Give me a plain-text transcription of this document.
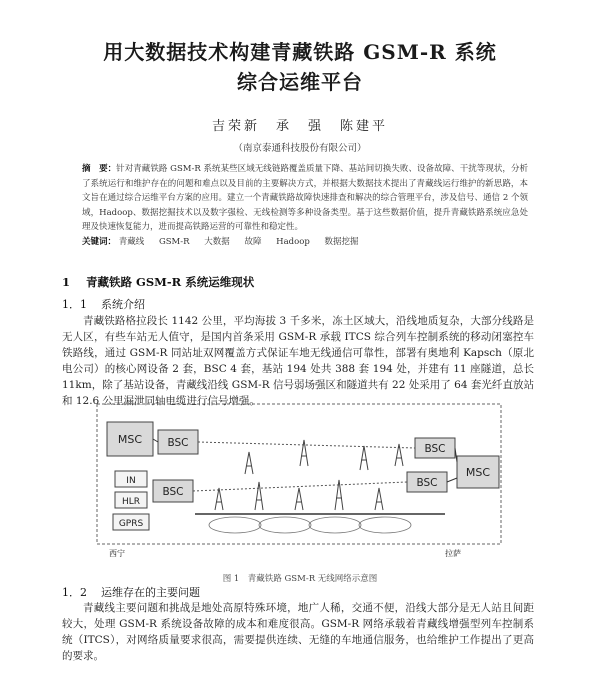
用大数据技术构建青藏铁路 GSM-R 系统
综合运维平台
吉荣新　承　强　陈建平
（南京泰通科技股份有限公司）
摘　要：针对青藏铁路 GSM-R 系统某些区域无线链路覆盖质量下降、基站间切换失败、设备故障、干扰等现状，分析了系统运行和维护存在的问题和难点以及目前的主要解决方式，并根据大数据技术提出了青藏线运行维护的新思路，本文旨在通过综合运维平台方案的应用。建立一个青藏铁路故障快速排查和解决的综合管理平台，涉及信号、通信 2 个领域，Hadoop、数据挖掘技术以及数字强检、无线检测等多种设备类型。基于这些数据价值，提升青藏铁路系统应急处理及快速恢复能力，进而提高铁路运营的可靠性和稳定性。
关键词： 青藏线 GSM-R 大数据 故障 Hadoop 数据挖掘
1 青藏铁路 GSM-R 系统运维现状
1．1 系统介绍
青藏铁路格拉段长 1142 公里，平均海拔 3 千多米，冻土区域大，沿线地质复杂，大部分线路是无人区，有些车站无人值守，是国内首条采用 GSM-R 承载 ITCS 综合列车控制系统的移动闭塞控车铁路线，通过 GSM-R 同站址双网覆盖方式保证车地无线通信可靠性，部署有奥地利 Kapsch（原北电公司）的核心网设备 2 套，BSC 4 套，基站 194 处共 388 套 194 处，并建有 11 座隧道，总长 11km，除了基站设备，青藏线沿线 GSM-R 信号弱场强区和隧道共有 22 处采用了 64 套光纤直放站和 12.6 公里漏泄同轴电缆进行信号增强。
MSC BSC
IN
HLR
GPRS
BSC
BSC
BSC
MSC
西宁	拉萨
图 1　青藏铁路 GSM-R 无线网络示意图
1．2 运维存在的主要问题
青藏线主要问题和挑战是地处高原特殊环境，地广人稀，交通不便，沿线大部分是无人站且间距较大，处理 GSM-R 系统设备故障的成本和难度很高。GSM-R 网络承载着青藏线增强型列车控制系统（ITCS），对网络质量要求很高，需要提供连续、无缝的车地通信服务，也给维护工作提出了更高的要求。
